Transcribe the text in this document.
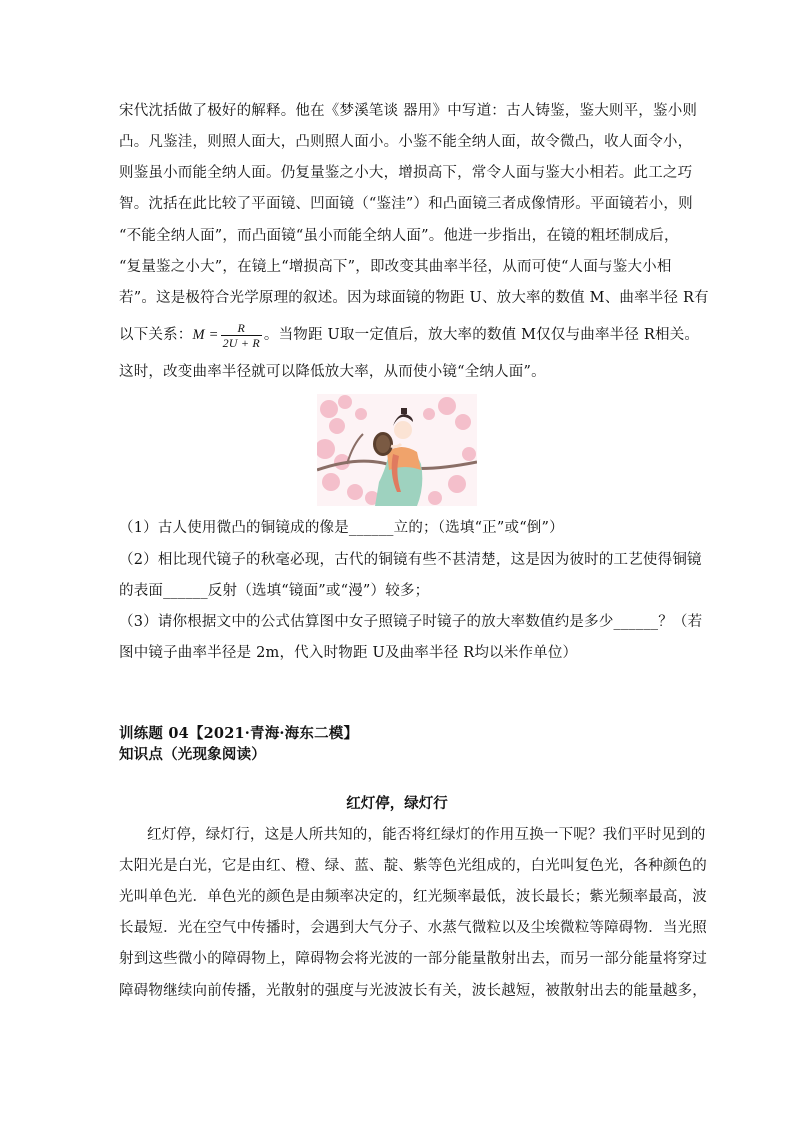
宋代沈括做了极好的解释。他在《梦溪笔谈 器用》中写道：古人铸鉴，鉴大则平，鉴小则
凸。凡鉴洼，则照人面大，凸则照人面小。小鉴不能全纳人面，故令微凸，收人面令小，
则鉴虽小而能全纳人面。仍复量鉴之小大，增损高下，常令人面与鉴大小相若。此工之巧
智。沈括在此比较了平面镜、凹面镜（“鉴洼”）和凸面镜三者成像情形。平面镜若小，则
“不能全纳人面”，而凸面镜“虽小而能全纳人面”。他进一步指出，在镜的粗坯制成后，
“复量鉴之小大”，在镜上“增损高下”，即改变其曲率半径，从而可使“人面与鉴大小相
若”。这是极符合光学原理的叙述。因为球面镜的物距 U、放大率的数值 M、曲率半径 R有
以下关系：$M = \frac{R}{2U + R}$ 。当物距 U取一定值后，放大率的数值 M仅仅与曲率半径 R相关。
这时，改变曲率半径就可以降低放大率，从而使小镜“全纳人面”。
（1）古人使用微凸的铜镜成的像是______立的；（选填“正”或“倒”）
（2）相比现代镜子的秋毫必现，古代的铜镜有些不甚清楚，这是因为彼时的工艺使得铜镜
的表面______反射（选填“镜面”或“漫”）较多；
（3）请你根据文中的公式估算图中女子照镜子时镜子的放大率数值约是多少______？（若
图中镜子曲率半径是 2m，代入时物距 U及曲率半径 R均以米作单位）
训练题 04【2021·青海·海东二模】
知识点（光现象阅读）
红灯停，绿灯行
红灯停，绿灯行，这是人所共知的，能否将红绿灯的作用互换一下呢？我们平时见到的
太阳光是白光，它是由红、橙、绿、蓝、靛、紫等色光组成的，白光叫复色光，各种颜色的
光叫单色光．单色光的颜色是由频率决定的，红光频率最低，波长最长；紫光频率最高，波
长最短．光在空气中传播时，会遇到大气分子、水蒸气微粒以及尘埃微粒等障碍物．当光照
射到这些微小的障碍物上，障碍物会将光波的一部分能量散射出去，而另一部分能量将穿过
障碍物继续向前传播，光散射的强度与光波波长有关，波长越短，被散射出去的能量越多，
